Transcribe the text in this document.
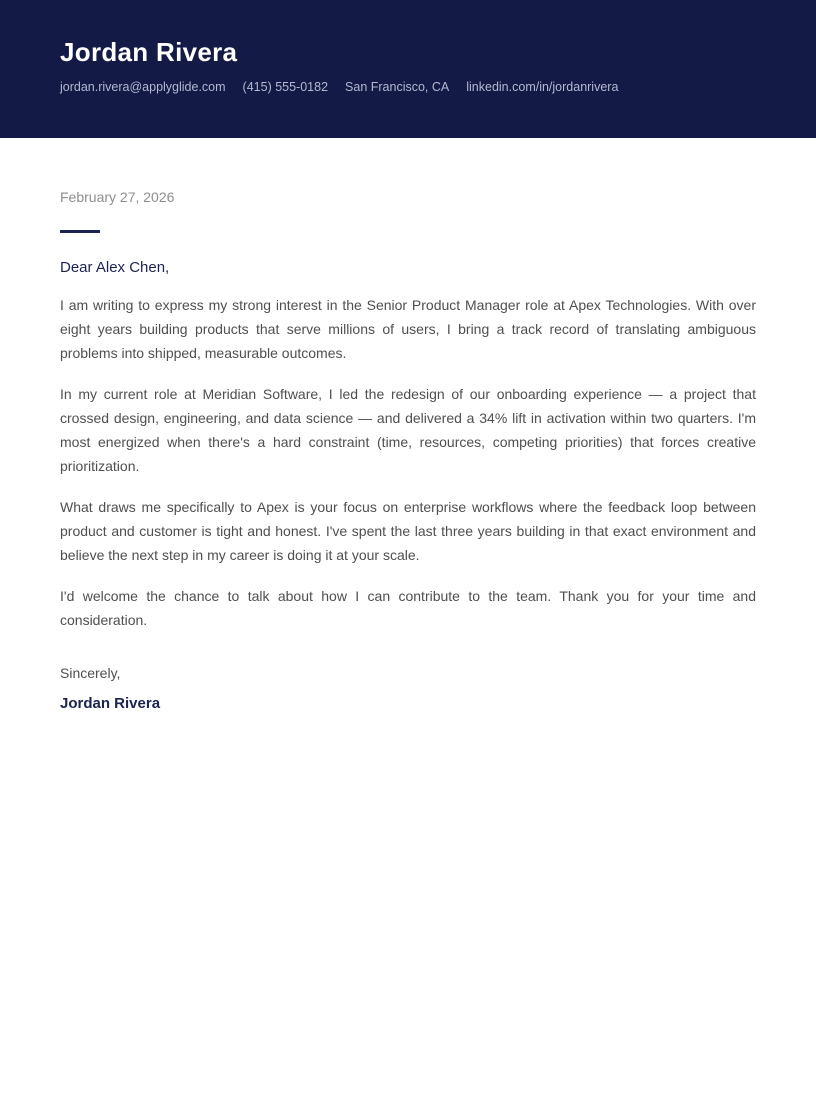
Jordan Rivera
jordan.rivera@applyglide.com (415) 555-0182 San Francisco, CA linkedin.com/in/jordanrivera
February 27, 2026
Dear Alex Chen,

I am writing to express my strong interest in the Senior Product Manager role at Apex Technologies. With over eight years building products that serve millions of users, I bring a track record of translating ambiguous problems into shipped, measurable outcomes.

In my current role at Meridian Software, I led the redesign of our onboarding experience — a project that crossed design, engineering, and data science — and delivered a 34% lift in activation within two quarters. I'm most energized when there's a hard constraint (time, resources, competing priorities) that forces creative prioritization.

What draws me specifically to Apex is your focus on enterprise workflows where the feedback loop between product and customer is tight and honest. I've spent the last three years building in that exact environment and believe the next step in my career is doing it at your scale.

I'd welcome the chance to talk about how I can contribute to the team. Thank you for your time and consideration.

Sincerely,
Jordan Rivera
